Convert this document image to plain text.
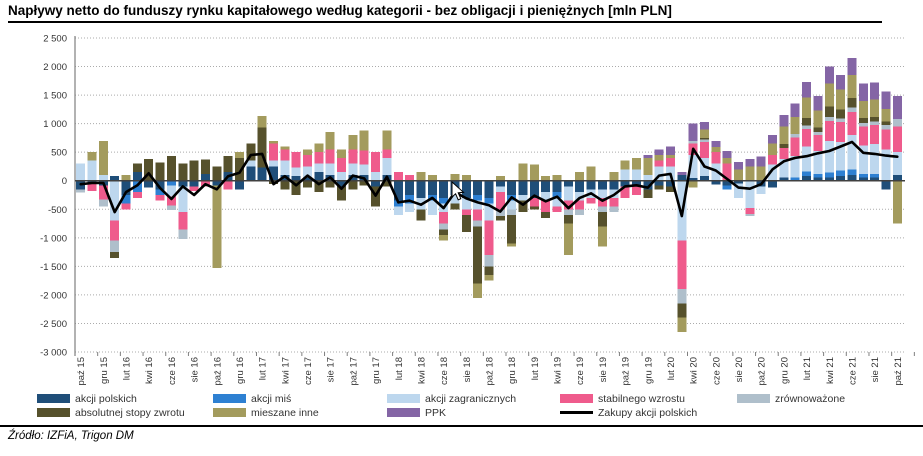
Napływy netto do funduszy rynku kapitałowego według kategorii - bez obligacji i pieniężnych [mln PLN]
2 500
2 000
1 500
1 000
500
0
-500
-1 000
-1 500
-2 000
-2 500
-3 000
paź 15 gru 15 lut 16 kwi 16 cze 16 sie 16 paź 16 gru 16 lut 17 kwi 17 cze 17 sie 17 paź 17 gru 17 lut 18 kwi 18 cze 18 sie 18 paź 18 gru 18 lut 19 kwi 19 cze 19 sie 19 paź 19 gru 19 lut 20 kwi 20 cze 20 sie 20 paź 20 gru 20 lut 21 kwi 21 cze 21 sie 21 paź 21
akcji polskich	akcji miś	akcji zagranicznych	stabilnego wzrostu	zrównoważone
absolutnej stopy zwrotu	mieszane inne	PPK	Zakupy akcji polskich
Źródło: IZFiA, Trigon DM
